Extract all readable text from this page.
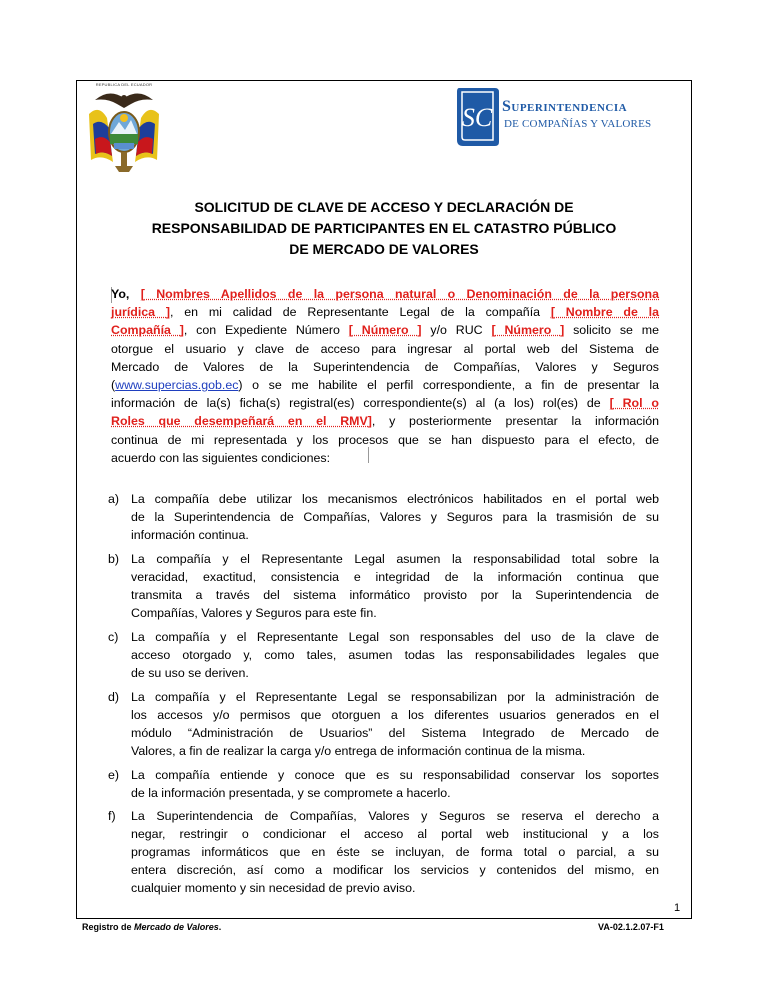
REPUBLICA DEL ECUADOR
SC Superintendencia
DE COMPAÑÍAS Y VALORES
SOLICITUD DE CLAVE DE ACCESO Y DECLARACIÓN DE
RESPONSABILIDAD DE PARTICIPANTES EN EL CATASTRO PÚBLICO
DE MERCADO DE VALORES
Yo, [ Nombres Apellidos de la persona natural o Denominación de la persona
jurídica ], en mi calidad de Representante Legal de la compañía [ Nombre de la
Compañía ], con Expediente Número [ Número ] y/o RUC [ Número ] solicito se me
otorgue el usuario y clave de acceso para ingresar al portal web del Sistema de
Mercado de Valores de la Superintendencia de Compañías, Valores y Seguros
(www.supercias.gob.ec) o se me habilite el perfil correspondiente, a fin de presentar la
información de la(s) ficha(s) registral(es) correspondiente(s) al (a los) rol(es) de [ Rol o
Roles que desempeñará en el RMV], y posteriormente presentar la información
continua de mi representada y los procesos que se han dispuesto para el efecto, de
acuerdo con las siguientes condiciones:
a) La compañía debe utilizar los mecanismos electrónicos habilitados en el portal web
de la Superintendencia de Compañías, Valores y Seguros para la trasmisión de su
información continua.
b) La compañía y el Representante Legal asumen la responsabilidad total sobre la
veracidad, exactitud, consistencia e integridad de la información continua que
transmita a través del sistema informático provisto por la Superintendencia de
Compañías, Valores y Seguros para este fin.
c) La compañía y el Representante Legal son responsables del uso de la clave de
acceso otorgado y, como tales, asumen todas las responsabilidades legales que
de su uso se deriven.
d) La compañía y el Representante Legal se responsabilizan por la administración de
los accesos y/o permisos que otorguen a los diferentes usuarios generados en el
módulo “Administración de Usuarios” del Sistema Integrado de Mercado de
Valores, a fin de realizar la carga y/o entrega de información continua de la misma.
e) La compañía entiende y conoce que es su responsabilidad conservar los soportes
de la información presentada, y se compromete a hacerlo.
f) La Superintendencia de Compañías, Valores y Seguros se reserva el derecho a
negar, restringir o condicionar el acceso al portal web institucional y a los
programas informáticos que en éste se incluyan, de forma total o parcial, a su
entera discreción, así como a modificar los servicios y contenidos del mismo, en
cualquier momento y sin necesidad de previo aviso.
1
Registro de Mercado de Valores.	VA-02.1.2.07-F1
